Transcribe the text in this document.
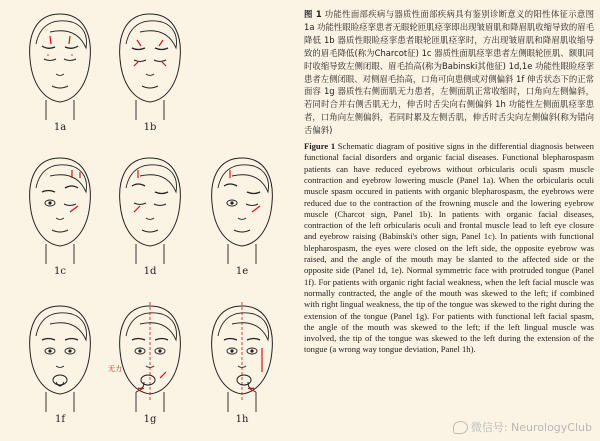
1a	1b
1c	1d	1e
1f
无力
1g	1h

图 1 功能性面部疾病与器质性面部疾病具有鉴别诊断意义的阳性体征示意图 1a 功能性眼睑痉挛患者无眼轮匝肌痉挛即出现皱眉肌和降眉肌收缩导致的眉毛降低 1b 器质性眼睑痉挛患者眼轮匝肌痉挛时，方出现皱眉肌和降眉肌收缩导致的眉毛降低(称为Charcot征) 1c 器质性面肌痉挛患者左侧眼轮匝肌、额肌同时收缩导致左侧闭眼、眉毛抬高(称为Babinski其他征) 1d,1e 功能性眼睑痉挛患者左侧闭眼、对侧眉毛抬高，口角可向患侧或对侧偏斜 1f 伸舌状态下的正常面容 1g 器质性右侧面肌无力患者，左侧面肌正常收缩时，口角向左侧偏斜，若同时合并右侧舌肌无力，伸舌时舌尖向右侧偏斜 1h 功能性左侧面肌痉挛患者，口角向左侧偏斜，若同时累及左侧舌肌，伸舌时舌尖向左侧偏斜(称为错向舌偏斜)

Figure 1 Schematic diagram of positive signs in the differential diagnosis between functional facial disorders and organic facial diseases. Functional blepharospasm patients can have reduced eyebrows without orbicularis oculi spasm muscle contraction and eyebrow lowering muscle (Panel 1a). When the orbicularis oculi muscle spasm occured in patients with organic blepharospasm, the eyebrows were reduced due to the contraction of the frowning muscle and the lowering eyebrow muscle (Charcot sign, Panel 1b). In patients with organic facial diseases, contraction of the left orbicularis oculi and frontal muscle lead to left eye closure and eyebrow raising (Babinski's other sign, Panel 1c). In patients with functional blepharospasm, the eyes were closed on the left side, the opposite eyebrow was raised, and the angle of the mouth may be slanted to the affected side or the opposite side (Panel 1d, 1e). Normal symmetric face with protruded tongue (Panel 1f). For patients with organic right facial weakness, when the left facial muscle was normally contracted, the angle of the mouth was skewed to the left; if combined with right lingual weakness, the tip of the tongue was skewed to the right during the extension of the tongue (Panel 1g). For patients with functional left facial spasm, the angle of the mouth was skewed to the left; if the left lingual muscle was involved, the tip of the tongue was skewed to the left during the extension of the tongue (a wrong way tongue deviation, Panel 1h).

微信号: NeurologyClub
